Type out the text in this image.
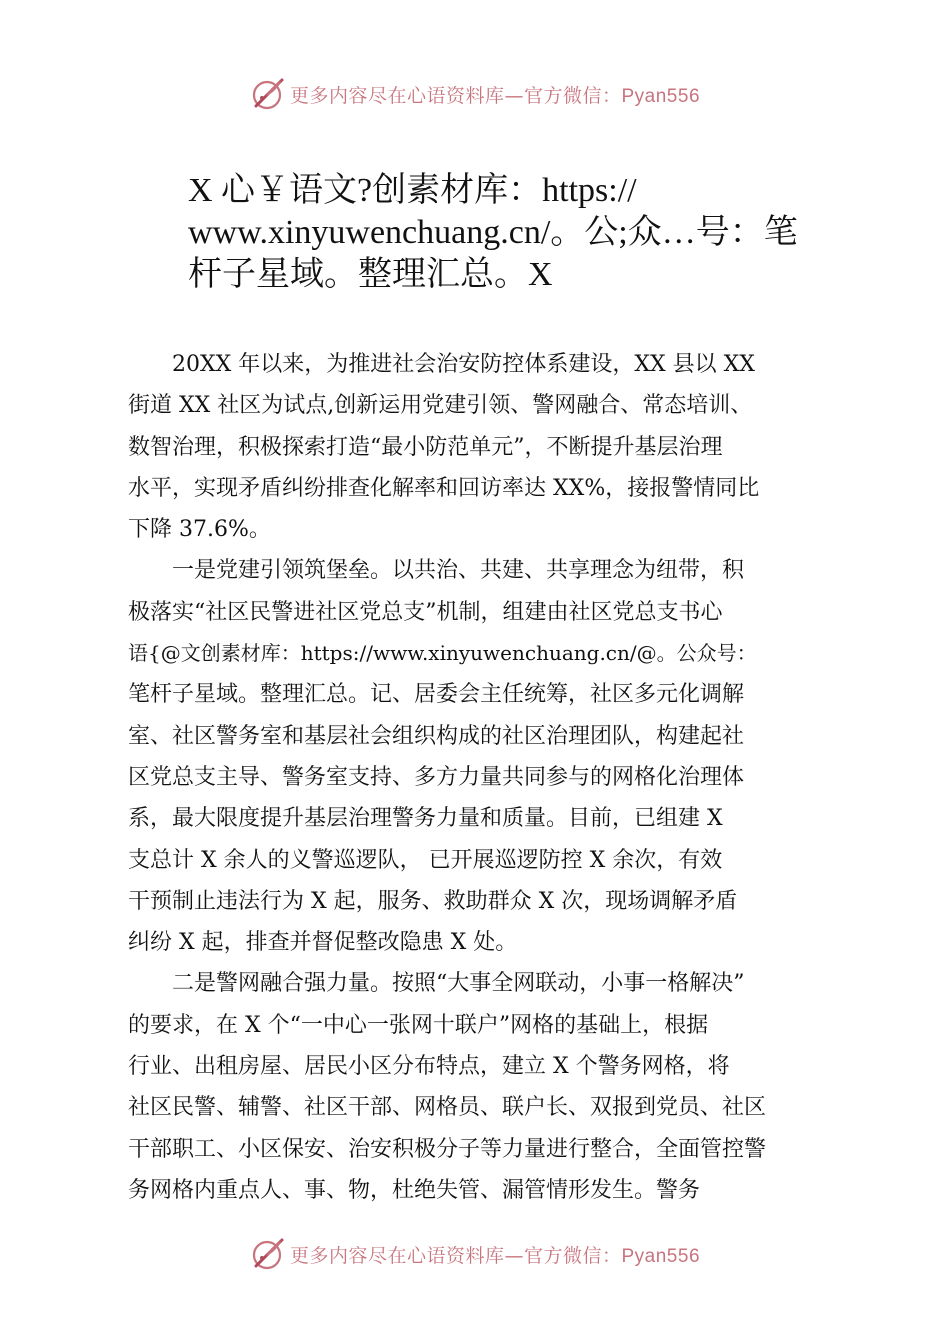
更多内容尽在心语资料库—官方微信：Pyan556
X 心￥语文?创素材库：https://
www.xinyuwenchuang.cn/。公;众…号：笔
杆子星域。整理汇总。X
20XX 年以来，为推进社会治安防控体系建设，XX 县以 XX
街道 XX 社区为试点,创新运用党建引领、警网融合、常态培训、
数智治理，积极探索打造“最小防范单元”，不断提升基层治理
水平，实现矛盾纠纷排查化解率和回访率达 XX%，接报警情同比
下降 37.6%。
一是党建引领筑堡垒。以共治、共建、共享理念为纽带，积
极落实“社区民警进社区党总支”机制，组建由社区党总支书心
语{@文创素材库：https://www.xinyuwenchuang.cn/@。公众号：
笔杆子星域。整理汇总。记、居委会主任统筹，社区多元化调解
室、社区警务室和基层社会组织构成的社区治理团队，构建起社
区党总支主导、警务室支持、多方力量共同参与的网格化治理体
系，最大限度提升基层治理警务力量和质量。目前，已组建 X
支总计 X 余人的义警巡逻队， 已开展巡逻防控 X 余次，有效
干预制止违法行为 X 起，服务、救助群众 X 次，现场调解矛盾
纠纷 X 起，排查并督促整改隐患 X 处。
二是警网融合强力量。按照“大事全网联动，小事一格解决”
的要求，在 X 个“一中心一张网十联户”网格的基础上，根据
行业、出租房屋、居民小区分布特点，建立 X 个警务网格，将
社区民警、辅警、社区干部、网格员、联户长、双报到党员、社区
干部职工、小区保安、治安积极分子等力量进行整合，全面管控警
务网格内重点人、事、物，杜绝失管、漏管情形发生。警务
更多内容尽在心语资料库—官方微信：Pyan556
